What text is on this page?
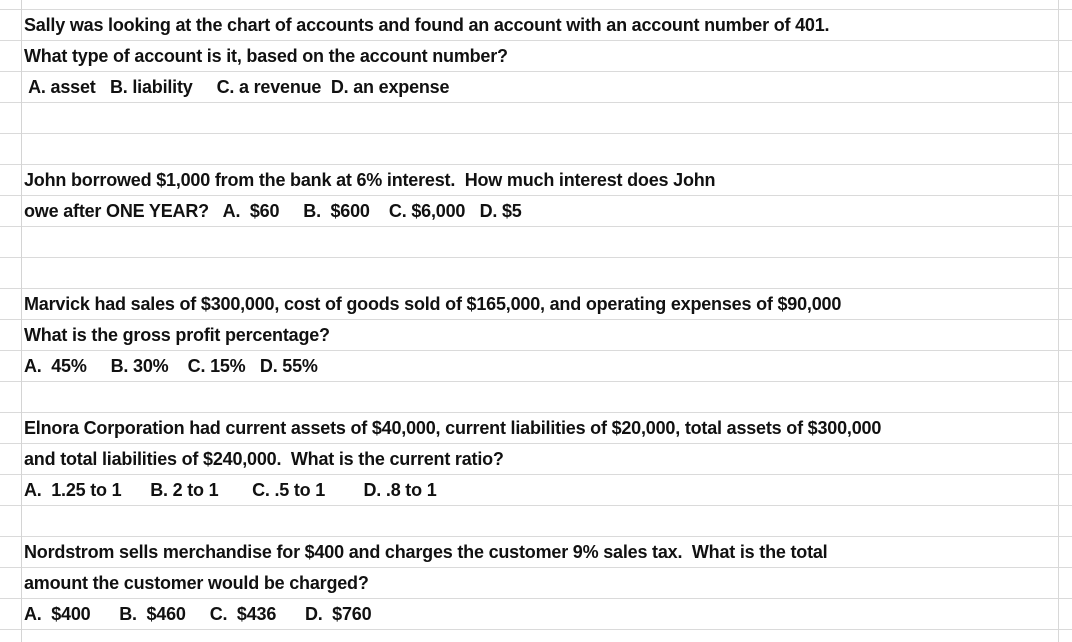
Sally was looking at the chart of accounts and found an account with an account number of 401.
What type of account is it, based on the account number?
A. asset   B. liability     C. a revenue  D. an expense
John borrowed $1,000 from the bank at 6% interest.  How much interest does John
owe after ONE YEAR?   A.  $60     B.  $600    C. $6,000   D. $5
Marvick had sales of $300,000, cost of goods sold of $165,000, and operating expenses of $90,000
What is the gross profit percentage?
A.  45%     B. 30%    C. 15%   D. 55%
Elnora Corporation had current assets of $40,000, current liabilities of $20,000, total assets of $300,000
and total liabilities of $240,000.  What is the current ratio?
A.  1.25 to 1      B. 2 to 1       C. .5 to 1        D. .8 to 1
Nordstrom sells merchandise for $400 and charges the customer 9% sales tax.  What is the total
amount the customer would be charged?
A.  $400      B.  $460     C.  $436      D.  $760
